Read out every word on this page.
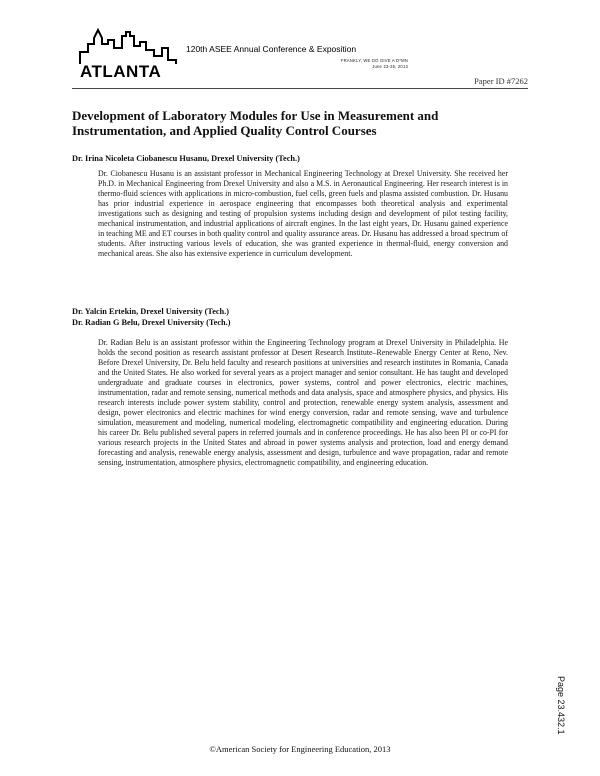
ATLANTA
120th ASEE Annual Conference & Exposition
FRANKLY, WE DO GIVE A D*MN
June 23-26, 2013
Paper ID #7262
Development of Laboratory Modules for Use in Measurement and Instrumentation, and Applied Quality Control Courses
Dr. Irina Nicoleta Ciobanescu Husanu, Drexel University (Tech.)

Dr. Ciobanescu Husanu is an assistant professor in Mechanical Engineering Technology at Drexel University. She received her Ph.D. in Mechanical Engineering from Drexel University and also a M.S. in Aeronautical Engineering. Her research interest is in thermo-fluid sciences with applications in micro-combustion, fuel cells, green fuels and plasma assisted combustion. Dr. Husanu has prior industrial experience in aerospace engineering that encompasses both theoretical analysis and experimental investigations such as designing and testing of propulsion systems including design and development of pilot testing facility, mechanical instrumentation, and industrial applications of aircraft engines. In the last eight years, Dr. Husanu gained experience in teaching ME and ET courses in both quality control and quality assurance areas. Dr. Husanu has addressed a broad spectrum of students. After instructing various levels of education, she was granted experience in thermal-fluid, energy conversion and mechanical areas. She also has extensive experience in curriculum development.

Dr. Yalcin Ertekin, Drexel University (Tech.)
Dr. Radian G Belu, Drexel University (Tech.)

Dr. Radian Belu is an assistant professor within the Engineering Technology program at Drexel University in Philadelphia. He holds the second position as research assistant professor at Desert Research Institute–Renewable Energy Center at Reno, Nev. Before Drexel University, Dr. Belu held faculty and research positions at universities and research institutes in Romania, Canada and the United States. He also worked for several years as a project manager and senior consultant. He has taught and developed undergraduate and graduate courses in electronics, power systems, control and power electronics, electric machines, instrumentation, radar and remote sensing, numerical methods and data analysis, space and atmosphere physics, and physics. His research interests include power system stability, control and protection, renewable energy system analysis, assessment and design, power electronics and electric machines for wind energy conversion, radar and remote sensing, wave and turbulence simulation, measurement and modeling, numerical modeling, electromagnetic compatibility and engineering education. During his career Dr. Belu published several papers in referred journals and in conference proceedings. He has also been PI or co-PI for various research projects in the United States and abroad in power systems analysis and protection, load and energy demand forecasting and analysis, renewable energy analysis, assessment and design, turbulence and wave propagation, radar and remote sensing, instrumentation, atmosphere physics, electromagnetic compatibility, and engineering education.

Page 23.432.1
©American Society for Engineering Education, 2013
